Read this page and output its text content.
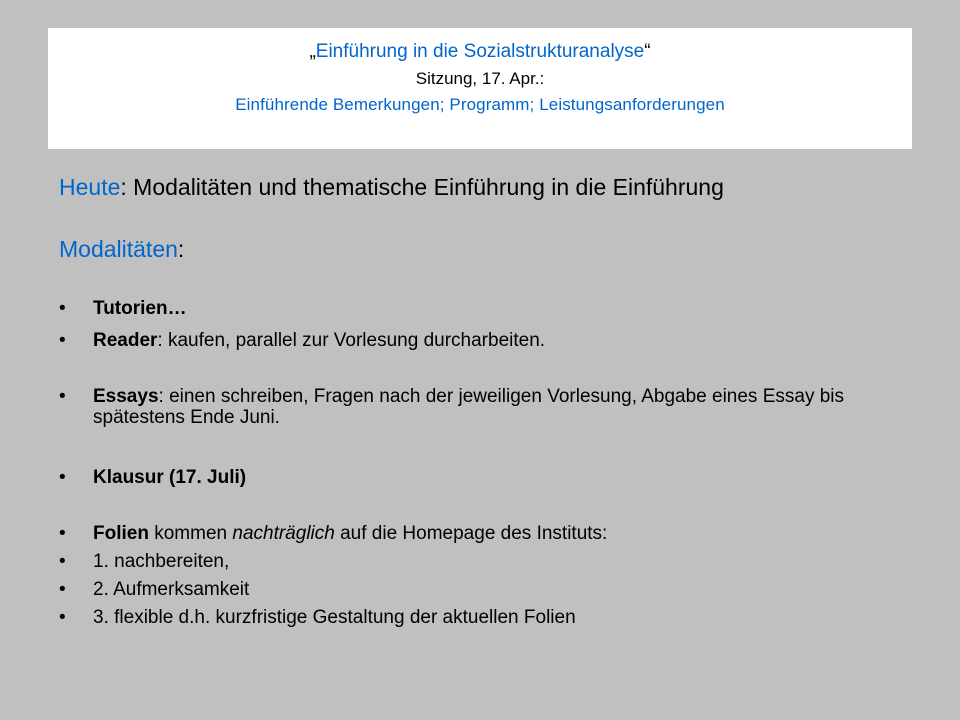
„Einführung in die Sozialstrukturanalyse“
Sitzung, 17. Apr.:
Einführende Bemerkungen; Programm; Leistungsanforderungen
Heute: Modalitäten und thematische Einführung in die Einführung
Modalitäten:
• Tutorien…
• Reader: kaufen, parallel zur Vorlesung durcharbeiten.
• Essays: einen schreiben, Fragen nach der jeweiligen Vorlesung, Abgabe eines Essay bis spätestens Ende Juni.
• Klausur (17. Juli)
• Folien kommen nachträglich auf die Homepage des Instituts:
• 1. nachbereiten,
• 2. Aufmerksamkeit
• 3. flexible d.h. kurzfristige Gestaltung der aktuellen Folien
